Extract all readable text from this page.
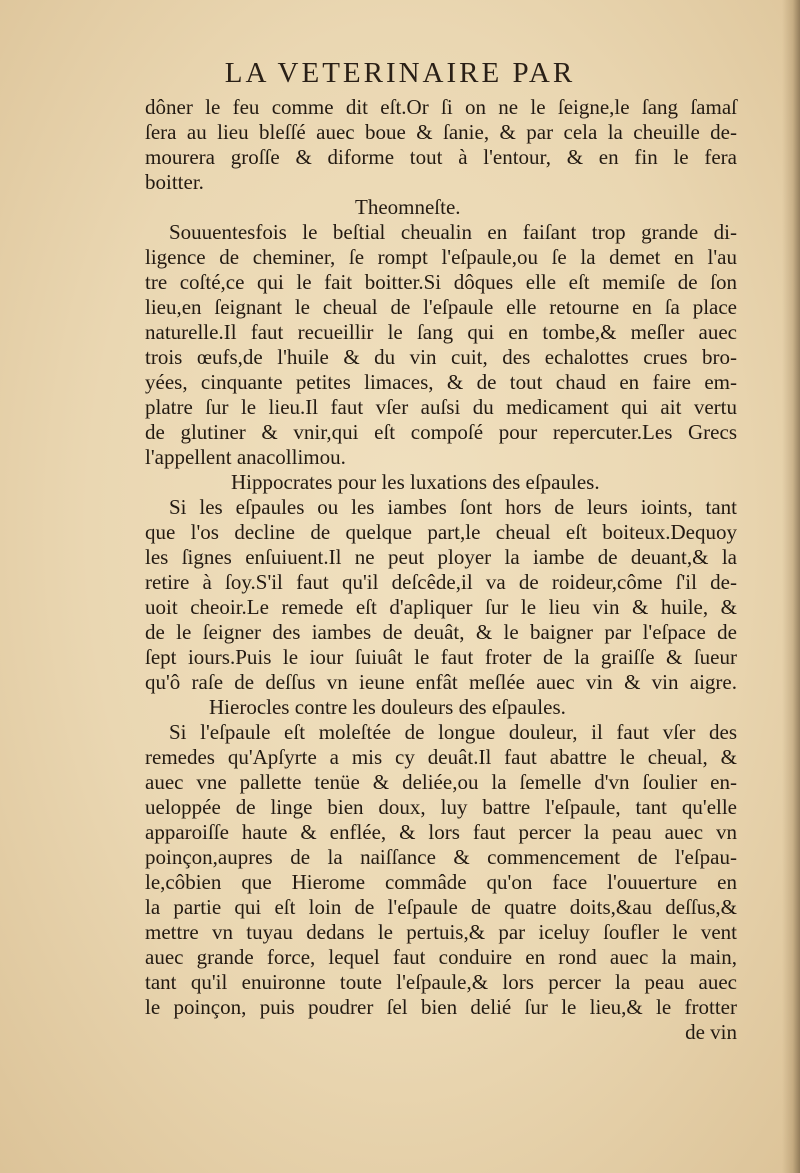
LA VETERINAIRE PAR
dôner le feu comme dit eſt.Or ſi on ne le ſeigne,le ſang ſamaſ
ſera au lieu bleſſé auec boue & ſanie, & par cela la cheuille de-
mourera groſſe & diforme tout à l'entour, & en fin le fera
boitter.
Theomneſte.
Souuentesfois le beſtial cheualin en faiſant trop grande di-
ligence de cheminer, ſe rompt l'eſpaule,ou ſe la demet en l'au
tre coſté,ce qui le fait boitter.Si dôques elle eſt memiſe de ſon
lieu,en ſeignant le cheual de l'eſpaule elle retourne en ſa place
naturelle.Il faut recueillir le ſang qui en tombe,& meſler auec
trois œufs,de l'huile & du vin cuit, des echalottes crues bro-
yées, cinquante petites limaces, & de tout chaud en faire em-
platre ſur le lieu.Il faut vſer auſsi du medicament qui ait vertu
de glutiner & vnir,qui eſt compoſé pour repercuter.Les Grecs
l'appellent anacollimou.
Hippocrates pour les luxations des eſpaules.
Si les eſpaules ou les iambes ſont hors de leurs ioints, tant
que l'os decline de quelque part,le cheual eſt boiteux.Dequoy
les ſignes enſuiuent.Il ne peut ployer la iambe de deuant,& la
retire à ſoy.S'il faut qu'il deſcêde,il va de roideur,côme ſ'il de-
uoit cheoir.Le remede eſt d'apliquer ſur le lieu vin & huile, &
de le ſeigner des iambes de deuât, & le baigner par l'eſpace de
ſept iours.Puis le iour ſuiuât le faut froter de la graiſſe & ſueur
qu'ô raſe de deſſus vn ieune enfât meſlée auec vin & vin aigre.
Hierocles contre les douleurs des eſpaules.
Si l'eſpaule eſt moleſtée de longue douleur, il faut vſer des
remedes qu'Apſyrte a mis cy deuât.Il faut abattre le cheual, &
auec vne pallette tenüe & deliée,ou la ſemelle d'vn ſoulier en-
ueloppée de linge bien doux, luy battre l'eſpaule, tant qu'elle
apparoiſſe haute & enflée, & lors faut percer la peau auec vn
poinçon,aupres de la naiſſance & commencement de l'eſpau-
le,côbien que Hierome commâde qu'on face l'ouuerture en
la partie qui eſt loin de l'eſpaule de quatre doits,&au deſſus,&
mettre vn tuyau dedans le pertuis,& par iceluy ſoufler le vent
auec grande force, lequel faut conduire en rond auec la main,
tant qu'il enuironne toute l'eſpaule,& lors percer la peau auec
le poinçon, puis poudrer ſel bien delié ſur le lieu,& le frotter
de vin
